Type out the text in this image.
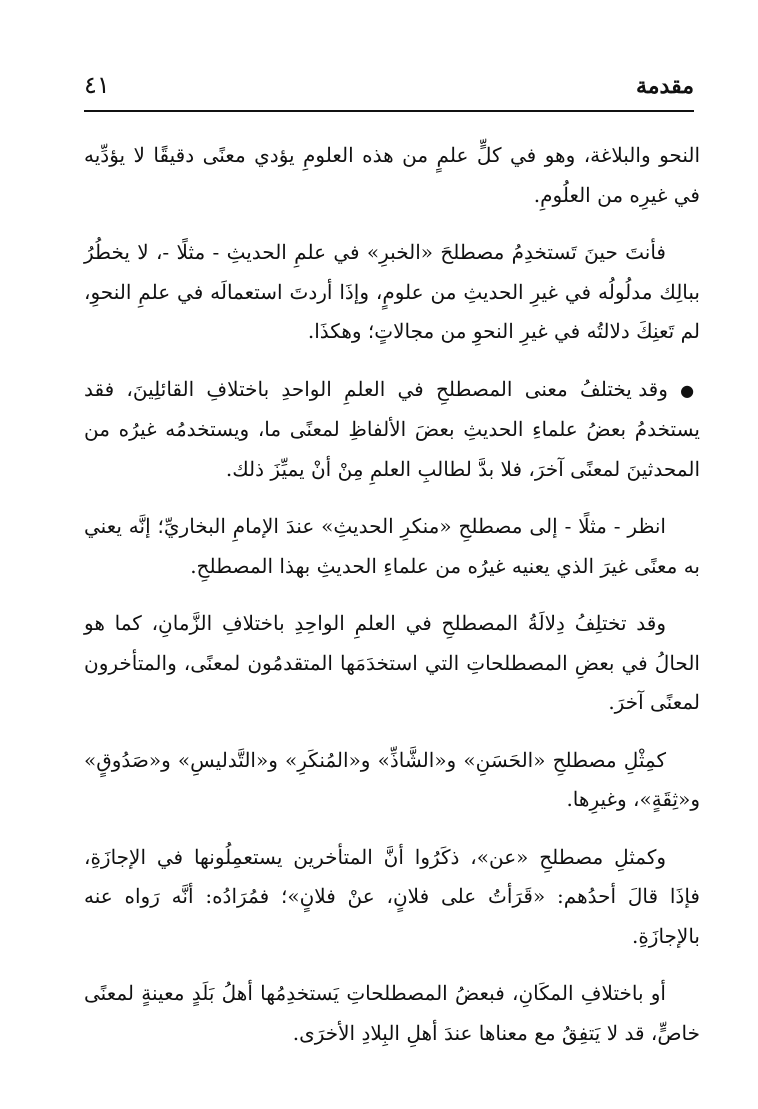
مقدمة
٤١

النحو والبلاغة، وهو في كلٍّ علمٍ من هذه العلومِ يؤدي معنًى دقيقًا لا يؤدِّيه في غيرِه من العلُومِ.

فأنتَ حينَ تَستخدِمُ مصطلحَ «الخبرِ» في علمِ الحديثِ - مثلًا -، لا يخطُرُ ببالِك مدلُولُه في غيرِ الحديثِ من علومٍ، وإذَا أردتَ استعمالَه في علمِ النحوِ، لم تَعنِكَ دلالتُه في غيرِ النحوِ من مجالاتٍ؛ وهكذَا.

● وقد يختلفُ معنى المصطلحِ في العلمِ الواحدِ باختلافِ القائلِينَ، فقد يستخدمُ بعضُ علماءِ الحديثِ بعضَ الألفاظِ لمعنًى ما، ويستخدمُه غيرُه من المحدثينَ لمعنًى آخرَ، فلا بدَّ لطالبِ العلمِ مِنْ أنْ يميِّزَ ذلك.

انظر - مثلًا - إلى مصطلحِ «منكرِ الحديثِ» عندَ الإمامِ البخاريِّ؛ إنَّه يعني به معنًى غيرَ الذي يعنيه غيرُه من علماءِ الحديثِ بهذا المصطلحِ.

وقد تختلِفُ دِلالَةُ المصطلحِ في العلمِ الواحِدِ باختلافِ الزَّمانِ، كما هو الحالُ في بعضِ المصطلحاتِ التي استخدَمَها المتقدمُون لمعنًى، والمتأخرون لمعنًى آخرَ.

كمِثْلِ مصطلحِ «الحَسَنِ» و«الشَّاذِّ» و«المُنكَرِ» و«التَّدليسِ» و«صَدُوقٍ» و«ثِقَةٍ»، وغيرِها.

وكمثلِ مصطلحِ «عن»، ذكَرُوا أنَّ المتأخرين يستعمِلُونها في الإجازَةِ، فإذَا قالَ أحدُهم: «قَرَأتُ على فلانٍ، عنْ فلانٍ»؛ فمُرَادُه: أنَّه رَواه عنه بالإجازَةِ.

أو باختلافِ المكَانِ، فبعضُ المصطلحاتِ يَستخدِمُها أهلُ بَلَدٍ معينةٍ لمعنًى خاصٍّ، قد لا يَتفِقُ مع معناها عندَ أهلِ البِلادِ الأخرَى.
